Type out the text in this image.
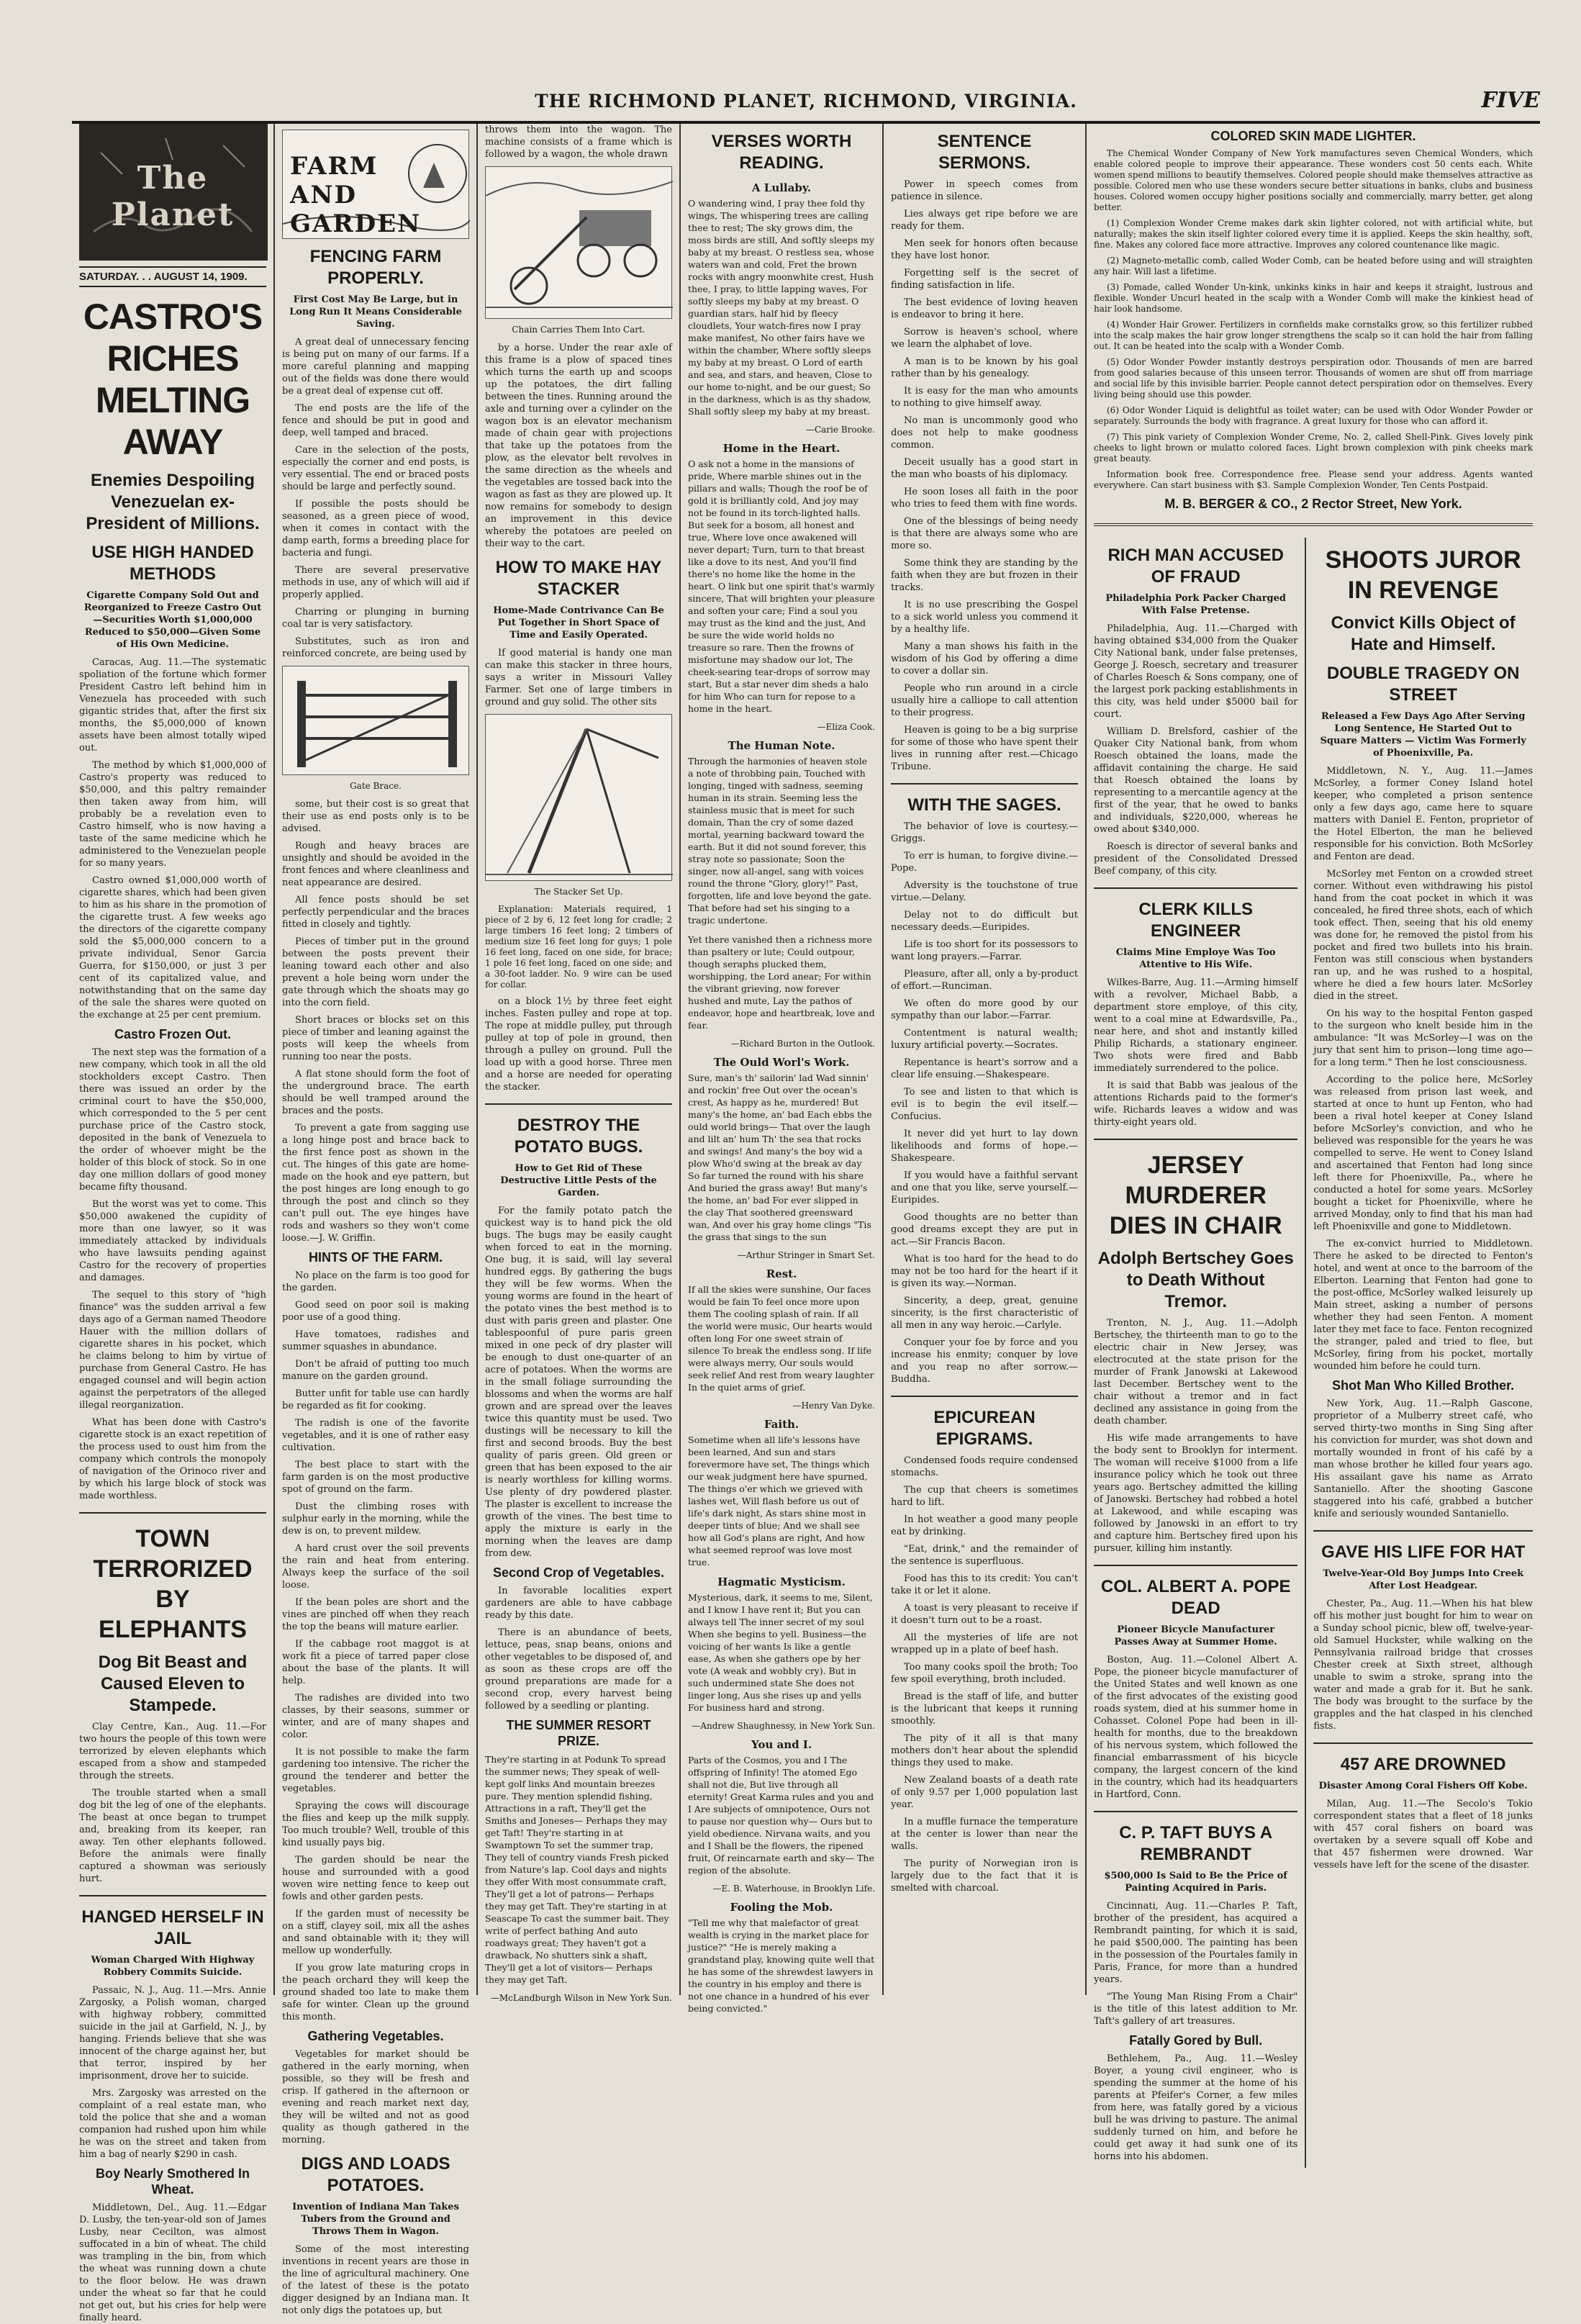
THE RICHMOND PLANET, RICHMOND, VIRGINIA.	FIVE
The Planet
SATURDAY. . . AUGUST 14, 1909.
CASTRO'S RICHES MELTING AWAY
Enemies Despoiling Venezuelan ex-President of Millions.
USE HIGH HANDED METHODS
Cigarette Company Sold Out and Reorganized to Freeze Castro Out—Securities Worth $1,000,000 Reduced to $50,000—Given Some of His Own Medicine.

Caracas, Aug. 11.—The systematic spoliation of the fortune which former President Castro left behind him in Venezuela has proceeded with such gigantic strides that, after the first six months, the $5,000,000 of known assets have been almost totally wiped out.

The method by which $1,000,000 of Castro's property was reduced to $50,000, and this paltry remainder then taken away from him, will probably be a revelation even to Castro himself, who is now having a taste of the same medicine which he administered to the Venezuelan people for so many years.

Castro owned $1,000,000 worth of cigarette shares, which had been given to him as his share in the promotion of the cigarette trust. A few weeks ago the directors of the cigarette company sold the $5,000,000 concern to a private individual, Senor Garcia Guerra, for $150,000, or just 3 per cent of its capitalized value, and notwithstanding that on the same day of the sale the shares were quoted on the exchange at 25 per cent premium.

Castro Frozen Out.

The next step was the formation of a new company, which took in all the old stockholders except Castro. Then there was issued an order by the criminal court to have the $50,000, which corresponded to the 5 per cent purchase price of the Castro stock, deposited in the bank of Venezuela to the order of whoever might be the holder of this block of stock. So in one day one million dollars of good money became fifty thousand.

But the worst was yet to come. This $50,000 awakened the cupidity of more than one lawyer, so it was immediately attacked by individuals who have lawsuits pending against Castro for the recovery of properties and damages.

The sequel to this story of "high finance" was the sudden arrival a few days ago of a German named Theodore Hauer with the million dollars of cigarette shares in his pocket, which he claims belong to him by virtue of purchase from General Castro. He has engaged counsel and will begin action against the perpetrators of the alleged illegal reorganization.

What has been done with Castro's cigarette stock is an exact repetition of the process used to oust him from the company which controls the monopoly of navigation of the Orinoco river and by which his large block of stock was made worthless.

TOWN TERRORIZED BY ELEPHANTS
Dog Bit Beast and Caused Eleven to Stampede.

Clay Centre, Kan., Aug. 11.—For two hours the people of this town were terrorized by eleven elephants which escaped from a show and stampeded through the streets.

The trouble started when a small dog bit the leg of one of the elephants. The beast at once began to trumpet and, breaking from its keeper, ran away. Ten other elephants followed. Before the animals were finally captured a showman was seriously hurt.

HANGED HERSELF IN JAIL
Woman Charged With Highway Robbery Commits Suicide.

Passaic, N. J., Aug. 11.—Mrs. Annie Zargosky, a Polish woman, charged with highway robbery, committed suicide in the jail at Garfield, N. J., by hanging. Friends believe that she was innocent of the charge against her, but that terror, inspired by her imprisonment, drove her to suicide.

Mrs. Zargosky was arrested on the complaint of a real estate man, who told the police that she and a woman companion had rushed upon him while he was on the street and taken from him a bag of nearly $290 in cash.

Boy Nearly Smothered In Wheat.

Middletown, Del., Aug. 11.—Edgar D. Lusby, the ten-year-old son of James Lusby, near Cecilton, was almost suffocated in a bin of wheat. The child was trampling in the bin, from which the wheat was running down a chute to the floor below. He was drawn under the wheat so far that he could not get out, but his cries for help were finally heard.

FARM AND GARDEN
FENCING FARM PROPERLY.
First Cost May Be Large, but in Long Run It Means Considerable Saving.

A great deal of unnecessary fencing is being put on many of our farms. If a more careful planning and mapping out of the fields was done there would be a great deal of expense cut off.

The end posts are the life of the fence and should be put in good and deep, well tamped and braced.

Care in the selection of the posts, especially the corner and end posts, is very essential. The end or braced posts should be large and perfectly sound.

If possible the posts should be seasoned, as a green piece of wood, when it comes in contact with the damp earth, forms a breeding place for bacteria and fungi.

There are several preservative methods in use, any of which will aid if properly applied.

Charring or plunging in burning coal tar is very satisfactory.

Substitutes, such as iron and reinforced concrete, are being used by

Gate Brace.

some, but their cost is so great that their use as end posts only is to be advised.

Rough and heavy braces are unsightly and should be avoided in the front fences and where cleanliness and neat appearance are desired.

All fence posts should be set perfectly perpendicular and the braces fitted in closely and tightly.

Pieces of timber put in the ground between the posts prevent their leaning toward each other and also prevent a hole being worn under the gate through which the shoats may go into the corn field.

Short braces or blocks set on this piece of timber and leaning against the posts will keep the wheels from running too near the posts.

A flat stone should form the foot of the underground brace. The earth should be well tramped around the braces and the posts.

To prevent a gate from sagging use a long hinge post and brace back to the first fence post as shown in the cut. The hinges of this gate are home-made on the hook and eye pattern, but the post hinges are long enough to go through the post and clinch so they can't pull out. The eye hinges have rods and washers so they won't come loose.—J. W. Griffin.

HINTS OF THE FARM.

No place on the farm is too good for the garden.

Good seed on poor soil is making poor use of a good thing.

Have tomatoes, radishes and summer squashes in abundance.

Don't be afraid of putting too much manure on the garden ground.

Butter unfit for table use can hardly be regarded as fit for cooking.

The radish is one of the favorite vegetables, and it is one of rather easy cultivation.

The best place to start with the farm garden is on the most productive spot of ground on the farm.

Dust the climbing roses with sulphur early in the morning, while the dew is on, to prevent mildew.

A hard crust over the soil prevents the rain and heat from entering. Always keep the surface of the soil loose.

If the bean poles are short and the vines are pinched off when they reach the top the beans will mature earlier.

If the cabbage root maggot is at work fit a piece of tarred paper close about the base of the plants. It will help.

The radishes are divided into two classes, by their seasons, summer or winter, and are of many shapes and color.

It is not possible to make the farm gardening too intensive. The richer the ground the tenderer and better the vegetables.

Spraying the cows will discourage the flies and keep up the milk supply. Too much trouble? Well, trouble of this kind usually pays big.

The garden should be near the house and surrounded with a good woven wire netting fence to keep out fowls and other garden pests.

If the garden must of necessity be on a stiff, clayey soil, mix all the ashes and sand obtainable with it; they will mellow up wonderfully.

If you grow late maturing crops in the peach orchard they will keep the ground shaded too late to make them safe for winter. Clean up the ground this month.

Gathering Vegetables.

Vegetables for market should be gathered in the early morning, when possible, so they will be fresh and crisp. If gathered in the afternoon or evening and reach market next day, they will be wilted and not as good quality as though gathered in the morning.

DIGS AND LOADS POTATOES.
Invention of Indiana Man Takes Tubers from the Ground and Throws Them in Wagon.

Some of the most interesting inventions in recent years are those in the line of agricultural machinery. One of the latest of these is the potato digger designed by an Indiana man. It not only digs the potatoes up, but

throws them into the wagon. The machine consists of a frame which is followed by a wagon, the whole drawn

Chain Carries Them Into Cart.

by a horse. Under the rear axle of this frame is a plow of spaced tines which turns the earth up and scoops up the potatoes, the dirt falling between the tines. Running around the axle and turning over a cylinder on the wagon box is an elevator mechanism made of chain gear with projections that take up the potatoes from the plow, as the elevator belt revolves in the same direction as the wheels and the vegetables are tossed back into the wagon as fast as they are plowed up. It now remains for somebody to design an improvement in this device whereby the potatoes are peeled on their way to the cart.

HOW TO MAKE HAY STACKER
Home-Made Contrivance Can Be Put Together in Short Space of Time and Easily Operated.

If good material is handy one man can make this stacker in three hours, says a writer in Missouri Valley Farmer. Set one of large timbers in ground and guy solid. The other sits

The Stacker Set Up.

Explanation: Materials required, 1 piece of 2 by 6, 12 feet long for cradle; 2 large timbers 16 feet long; 2 timbers of medium size 16 feet long for guys; 1 pole 16 feet long, faced on one side, for brace; 1 pole 16 feet long, faced on one side; and a 30-foot ladder. No. 9 wire can be used for collar.

on a block 1½ by three feet eight inches. Fasten pulley and rope at top. The rope at middle pulley, put through pulley at top of pole in ground, then through a pulley on ground. Pull the load up with a good horse. Three men and a horse are needed for operating the stacker.

DESTROY THE POTATO BUGS.
How to Get Rid of These Destructive Little Pests of the Garden.

For the family potato patch the quickest way is to hand pick the old bugs. The bugs may be easily caught when forced to eat in the morning. One bug, it is said, will lay several hundred eggs. By gathering the bugs they will be few worms. When the young worms are found in the heart of the potato vines the best method is to dust with paris green and plaster. One tablespoonful of pure paris green mixed in one peck of dry plaster will be enough to dust one-quarter of an acre of potatoes. When the worms are in the small foliage surrounding the blossoms and when the worms are half grown and are spread over the leaves twice this quantity must be used. Two dustings will be necessary to kill the first and second broods. Buy the best quality of paris green. Old green or green that has been exposed to the air is nearly worthless for killing worms. Use plenty of dry powdered plaster. The plaster is excellent to increase the growth of the vines. The best time to apply the mixture is early in the morning when the leaves are damp from dew.

Second Crop of Vegetables.

In favorable localities expert gardeners are able to have cabbage ready by this date.

There is an abundance of beets, lettuce, peas, snap beans, onions and other vegetables to be disposed of, and as soon as these crops are off the ground preparations are made for a second crop, every harvest being followed by a seedling or planting.

THE SUMMER RESORT PRIZE.

They're starting in at Podunk To spread the summer news; They speak of well-kept golf links And mountain breezes pure. They mention splendid fishing, Attractions in a raft, They'll get the Smiths and Joneses— Perhaps they may get Taft! They're starting in at Swamptown To set the summer trap, They tell of country viands Fresh picked from Nature's lap. Cool days and nights they offer With most consummate craft, They'll get a lot of patrons— Perhaps they may get Taft. They're starting in at Seascape To cast the summer bait. They write of perfect bathing And auto roadways great; They haven't got a drawback, No shutters sink a shaft, They'll get a lot of visitors— Perhaps they may get Taft.

—McLandburgh Wilson in New York Sun.
VERSES WORTH READING.
A Lullaby.

O wandering wind, I pray thee fold thy wings, The whispering trees are calling thee to rest; The sky grows dim, the moss birds are still, And softly sleeps my baby at my breast. O restless sea, whose waters wan and cold, Fret the brown rocks with angry moonwhite crest, Hush thee, I pray, to little lapping waves, For softly sleeps my baby at my breast. O guardian stars, half hid by fleecy cloudlets, Your watch-fires now I pray make manifest, No other fairs have we within the chamber, Where softly sleeps my baby at my breast. O Lord of earth and sea, and stars, and heaven, Close to our home to-night, and be our guest; So in the darkness, which is as thy shadow, Shall softly sleep my baby at my breast.

—Carie Brooke.
Home in the Heart.

O ask not a home in the mansions of pride, Where marble shines out in the pillars and walls; Though the roof be of gold it is brilliantly cold, And joy may not be found in its torch-lighted halls. But seek for a bosom, all honest and true, Where love once awakened will never depart; Turn, turn to that breast like a dove to its nest, And you'll find there's no home like the home in the heart. O link but one spirit that's warmly sincere, That will brighten your pleasure and soften your care; Find a soul you may trust as the kind and the just, And be sure the wide world holds no treasure so rare. Then the frowns of misfortune may shadow our lot, The cheek-searing tear-drops of sorrow may start, But a star never dim sheds a halo for him Who can turn for repose to a home in the heart.

—Eliza Cook.
The Human Note.

Through the harmonies of heaven stole a note of throbbing pain, Touched with longing, tinged with sadness, seeming human in its strain. Seeming less the stainless music that is meet for such domain, Than the cry of some dazed mortal, yearning backward toward the earth. But it did not sound forever, this stray note so passionate; Soon the singer, now all-angel, sang with voices round the throne "Glory, glory!" Past, forgotten, life and love beyond the gate. That before had set his singing to a tragic undertone.

Yet there vanished then a richness more than psaltery or lute; Could outpour, though seraphs plucked them, worshipping, the Lord anear; For within the vibrant grieving, now forever hushed and mute, Lay the pathos of endeavor, hope and heartbreak, love and fear.

—Richard Burton in the Outlook.
The Ould Worl's Work.

Sure, man's th' sailorin' lad Wad sinnin' and rockin' free Out over the ocean's crest, As happy as he, murdered! But many's the home, an' bad Each ebbs the ould world brings— That over the laugh and lilt an' hum Th' the sea that rocks and swings! And many's the boy wid a plow Who'd swing at the break av day So far turned the round with his share And buried the grass away! But many's the home, an' bad For ever slipped in the clay That soothered greensward wan, And over his gray home clings "Tis the grass that sings to the sun

—Arthur Stringer in Smart Set.
Rest.

If all the skies were sunshine, Our faces would be fain To feel once more upon them The cooling splash of rain. If all the world were music, Our hearts would often long For one sweet strain of silence To break the endless song. If life were always merry, Our souls would seek relief And rest from weary laughter In the quiet arms of grief.

—Henry Van Dyke.
Faith.

Sometime when all life's lessons have been learned, And sun and stars forevermore have set, The things which our weak judgment here have spurned, The things o'er which we grieved with lashes wet, Will flash before us out of life's dark night, As stars shine most in deeper tints of blue; And we shall see how all God's plans are right, And how what seemed reproof was love most true.

Hagmatic Mysticism.

Mysterious, dark, it seems to me, Silent, and I know I have rent it; But you can always tell The inner secret of my soul When she begins to yell. Business—the voicing of her wants Is like a gentle ease, As when she gathers ope by her vote (A weak and wobbly cry). But in such undermined state She does not linger long, Aus she rises up and yells For business hard and strong.

—Andrew Shaughnessy, in New York Sun.
You and I.

Parts of the Cosmos, you and I The offspring of Infinity! The atomed Ego shall not die, But live through all eternity! Great Karma rules and you and I Are subjects of omnipotence, Ours not to pause nor question why— Ours but to yield obedience. Nirvana waits, and you and I Shall be the flowers, the ripened fruit, Of reincarnate earth and sky— The region of the absolute.

—E. B. Waterhouse, in Brooklyn Life.
Fooling the Mob.

"Tell me why that malefactor of great wealth is crying in the market place for justice?" "He is merely making a grandstand play, knowing quite well that he has some of the shrewdest lawyers in the country in his employ and there is not one chance in a hundred of his ever being convicted."

SENTENCE SERMONS.

Power in speech comes from patience in silence.

Lies always get ripe before we are ready for them.

Men seek for honors often because they have lost honor.

Forgetting self is the secret of finding satisfaction in life.

The best evidence of loving heaven is endeavor to bring it here.

Sorrow is heaven's school, where we learn the alphabet of love.

A man is to be known by his goal rather than by his genealogy.

It is easy for the man who amounts to nothing to give himself away.

No man is uncommonly good who does not help to make goodness common.

Deceit usually has a good start in the man who boasts of his diplomacy.

He soon loses all faith in the poor who tries to feed them with fine words.

One of the blessings of being needy is that there are always some who are more so.

Some think they are standing by the faith when they are but frozen in their tracks.

It is no use prescribing the Gospel to a sick world unless you commend it by a healthy life.

Many a man shows his faith in the wisdom of his God by offering a dime to cover a dollar sin.

People who run around in a circle usually hire a calliope to call attention to their progress.

Heaven is going to be a big surprise for some of those who have spent their lives in running after rest.—Chicago Tribune.

WITH THE SAGES.

The behavior of love is courtesy.—Griggs.

To err is human, to forgive divine.—Pope.

Adversity is the touchstone of true virtue.—Delany.

Delay not to do difficult but necessary deeds.—Euripides.

Life is too short for its possessors to want long prayers.—Farrar.

Pleasure, after all, only a by-product of effort.—Runciman.

We often do more good by our sympathy than our labor.—Farrar.

Contentment is natural wealth; luxury artificial poverty.—Socrates.

Repentance is heart's sorrow and a clear life ensuing.—Shakespeare.

To see and listen to that which is evil is to begin the evil itself.—Confucius.

It never did yet hurt to lay down likelihoods and forms of hope.—Shakespeare.

If you would have a faithful servant and one that you like, serve yourself.—Euripides.

Good thoughts are no better than good dreams except they are put in act.—Sir Francis Bacon.

What is too hard for the head to do may not be too hard for the heart if it is given its way.—Norman.

Sincerity, a deep, great, genuine sincerity, is the first characteristic of all men in any way heroic.—Carlyle.

Conquer your foe by force and you increase his enmity; conquer by love and you reap no after sorrow.—Buddha.

EPICUREAN EPIGRAMS.

Condensed foods require condensed stomachs.

The cup that cheers is sometimes hard to lift.

In hot weather a good many people eat by drinking.

"Eat, drink," and the remainder of the sentence is superfluous.

Food has this to its credit: You can't take it or let it alone.

A toast is very pleasant to receive if it doesn't turn out to be a roast.

All the mysteries of life are not wrapped up in a plate of beef hash.

Too many cooks spoil the broth; Too few spoil everything, broth included.

Bread is the staff of life, and butter is the lubricant that keeps it running smoothly.

The pity of it all is that many mothers don't hear about the splendid things they used to make.

New Zealand boasts of a death rate of only 9.57 per 1,000 population last year.

In a muffle furnace the temperature at the center is lower than near the walls.

The purity of Norwegian iron is largely due to the fact that it is smelted with charcoal.

COLORED SKIN MADE LIGHTER.

The Chemical Wonder Company of New York manufactures seven Chemical Wonders, which enable colored people to improve their appearance. These wonders cost 50 cents each. White women spend millions to beautify themselves. Colored people should make themselves attractive as possible. Colored men who use these wonders secure better situations in banks, clubs and business houses. Colored women occupy higher positions socially and commercially, marry better, get along better.

(1) Complexion Wonder Creme makes dark skin lighter colored, not with artificial white, but naturally; makes the skin itself lighter colored every time it is applied. Keeps the skin healthy, soft, fine. Makes any colored face more attractive. Improves any colored countenance like magic.

(2) Magneto-metallic comb, called Woder Comb, can be heated before using and will straighten any hair. Will last a lifetime.

(3) Pomade, called Wonder Un-kink, unkinks kinks in hair and keeps it straight, lustrous and flexible. Wonder Uncurl heated in the scalp with a Wonder Comb will make the kinkiest head of hair look handsome.

(4) Wonder Hair Grower. Fertilizers in cornfields make cornstalks grow, so this fertilizer rubbed into the scalp makes the hair grow longer strengthens the scalp so it can hold the hair from falling out. It can be heated into the scalp with a Wonder Comb.

(5) Odor Wonder Powder instantly destroys perspiration odor. Thousands of men are barred from good salaries because of this unseen terror. Thousands of women are shut off from marriage and social life by this invisible barrier. People cannot detect perspiration odor on themselves. Every living being should use this powder.

(6) Odor Wonder Liquid is delightful as toilet water; can be used with Odor Wonder Powder or separately. Surrounds the body with fragrance. A great luxury for those who can afford it.

(7) This pink variety of Complexion Wonder Creme, No. 2, called Shell-Pink. Gives lovely pink cheeks to light brown or mulatto colored faces. Light brown complexion with pink cheeks mark great beauty.

Information book free. Correspondence free. Please send your address. Agents wanted everywhere. Can start business with $3. Sample Complexion Wonder, Ten Cents Postpaid.

M. B. BERGER & CO., 2 Rector Street, New York.
RICH MAN ACCUSED OF FRAUD
Philadelphia Pork Packer Charged With False Pretense.

Philadelphia, Aug. 11.—Charged with having obtained $34,000 from the Quaker City National bank, under false pretenses, George J. Roesch, secretary and treasurer of Charles Roesch & Sons company, one of the largest pork packing establishments in this city, was held under $5000 bail for court.

William D. Brelsford, cashier of the Quaker City National bank, from whom Roesch obtained the loans, made the affidavit containing the charge. He said that Roesch obtained the loans by representing to a mercantile agency at the first of the year, that he owed to banks and individuals, $220,000, whereas he owed about $340,000.

Roesch is director of several banks and president of the Consolidated Dressed Beef company, of this city.

CLERK KILLS ENGINEER
Claims Mine Employe Was Too Attentive to His Wife.

Wilkes-Barre, Aug. 11.—Arming himself with a revolver, Michael Babb, a department store employe, of this city, went to a coal mine at Edwardsville, Pa., near here, and shot and instantly killed Philip Richards, a stationary engineer. Two shots were fired and Babb immediately surrendered to the police.

It is said that Babb was jealous of the attentions Richards paid to the former's wife. Richards leaves a widow and was thirty-eight years old.

JERSEY MURDERER DIES IN CHAIR
Adolph Bertschey Goes to Death Without Tremor.

Trenton, N. J., Aug. 11.—Adolph Bertschey, the thirteenth man to go to the electric chair in New Jersey, was electrocuted at the state prison for the murder of Frank Janowski at Lakewood last December. Bertschey went to the chair without a tremor and in fact declined any assistance in going from the death chamber.

His wife made arrangements to have the body sent to Brooklyn for interment. The woman will receive $1000 from a life insurance policy which he took out three years ago. Bertschey admitted the killing of Janowski. Bertschey had robbed a hotel at Lakewood, and while escaping was followed by Janowski in an effort to try and capture him. Bertschey fired upon his pursuer, killing him instantly.

COL. ALBERT A. POPE DEAD
Pioneer Bicycle Manufacturer Passes Away at Summer Home.

Boston, Aug. 11.—Colonel Albert A. Pope, the pioneer bicycle manufacturer of the United States and well known as one of the first advocates of the existing good roads system, died at his summer home in Cohasset. Colonel Pope had been in ill-health for months, due to the breakdown of his nervous system, which followed the financial embarrassment of his bicycle company, the largest concern of the kind in the country, which had its headquarters in Hartford, Conn.

C. P. TAFT BUYS A REMBRANDT
$500,000 Is Said to Be the Price of Painting Acquired in Paris.

Cincinnati, Aug. 11.—Charles P. Taft, brother of the president, has acquired a Rembrandt painting, for which it is said, he paid $500,000. The painting has been in the possession of the Pourtales family in Paris, France, for more than a hundred years.

"The Young Man Rising From a Chair" is the title of this latest addition to Mr. Taft's gallery of art treasures.

Fatally Gored by Bull.

Bethlehem, Pa., Aug. 11.—Wesley Boyer, a young civil engineer, who is spending the summer at the home of his parents at Pfeifer's Corner, a few miles from here, was fatally gored by a vicious bull he was driving to pasture. The animal suddenly turned on him, and before he could get away it had sunk one of its horns into his abdomen.

SHOOTS JUROR IN REVENGE
Convict Kills Object of Hate and Himself.
DOUBLE TRAGEDY ON STREET
Released a Few Days Ago After Serving Long Sentence, He Started Out to Square Matters — Victim Was Formerly of Phoenixville, Pa.

Middletown, N. Y., Aug. 11.—James McSorley, a former Coney Island hotel keeper, who completed a prison sentence only a few days ago, came here to square matters with Daniel E. Fenton, proprietor of the Hotel Elberton, the man he believed responsible for his conviction. Both McSorley and Fenton are dead.

McSorley met Fenton on a crowded street corner. Without even withdrawing his pistol hand from the coat pocket in which it was concealed, he fired three shots, each of which took effect. Then, seeing that his old enemy was done for, he removed the pistol from his pocket and fired two bullets into his brain. Fenton was still conscious when bystanders ran up, and he was rushed to a hospital, where he died a few hours later. McSorley died in the street.

On his way to the hospital Fenton gasped to the surgeon who knelt beside him in the ambulance: "It was McSorley—I was on the jury that sent him to prison—long time ago—for a long term." Then he lost consciousness.

According to the police here, McSorley was released from prison last week, and started at once to hunt up Fenton, who had been a rival hotel keeper at Coney Island before McSorley's conviction, and who he believed was responsible for the years he was compelled to serve. He went to Coney Island and ascertained that Fenton had long since left there for Phoenixville, Pa., where he conducted a hotel for some years. McSorley bought a ticket for Phoenixville, where he arrived Monday, only to find that his man had left Phoenixville and gone to Middletown.

The ex-convict hurried to Middletown. There he asked to be directed to Fenton's hotel, and went at once to the barroom of the Elberton. Learning that Fenton had gone to the post-office, McSorley walked leisurely up Main street, asking a number of persons whether they had seen Fenton. A moment later they met face to face. Fenton recognized the stranger, paled and tried to flee, but McSorley, firing from his pocket, mortally wounded him before he could turn.

Shot Man Who Killed Brother.

New York, Aug. 11.—Ralph Gascone, proprietor of a Mulberry street café, who served thirty-two months in Sing Sing after his conviction for murder, was shot down and mortally wounded in front of his café by a man whose brother he killed four years ago. His assailant gave his name as Arrato Santaniello. After the shooting Gascone staggered into his café, grabbed a butcher knife and seriously wounded Santaniello.

GAVE HIS LIFE FOR HAT
Twelve-Year-Old Boy Jumps Into Creek After Lost Headgear.

Chester, Pa., Aug. 11.—When his hat blew off his mother just bought for him to wear on a Sunday school picnic, blew off, twelve-year-old Samuel Huckster, while walking on the Pennsylvania railroad bridge that crosses Chester creek at Sixth street, although unable to swim a stroke, sprang into the water and made a grab for it. But he sank. The body was brought to the surface by the grapples and the hat clasped in his clenched fists.

457 ARE DROWNED
Disaster Among Coral Fishers Off Kobe.

Milan, Aug. 11.—The Secolo's Tokio correspondent states that a fleet of 18 junks with 457 coral fishers on board was overtaken by a severe squall off Kobe and that 457 fishermen were drowned. War vessels have left for the scene of the disaster.
